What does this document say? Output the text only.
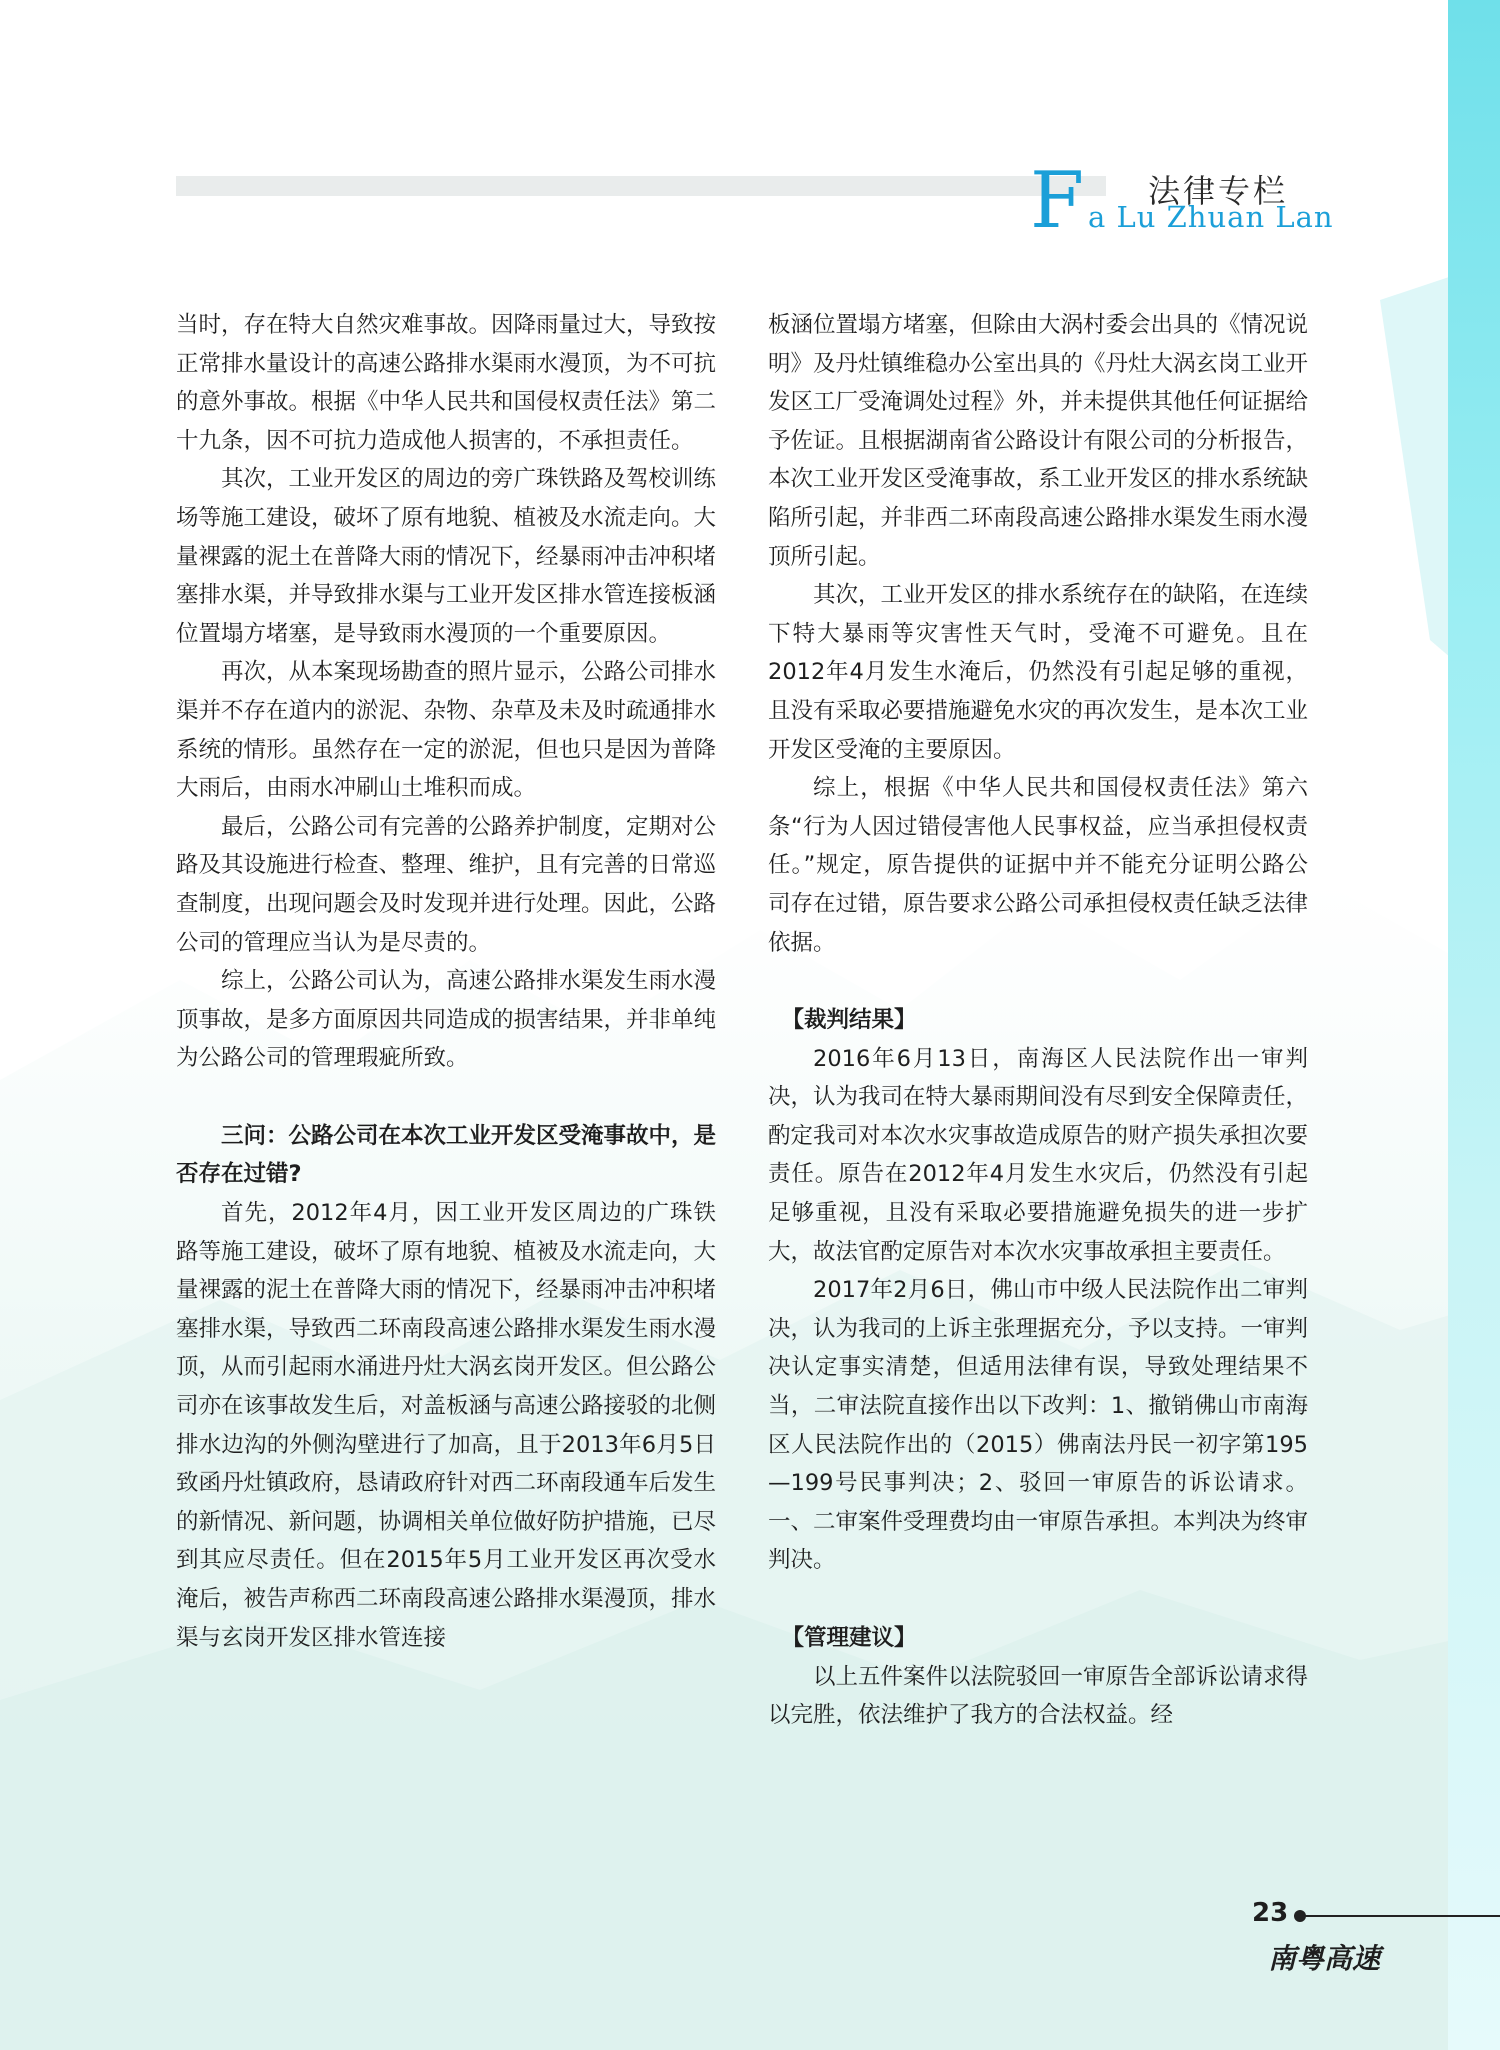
F 法律专栏
a Lu Zhuan Lan

当时，存在特大自然灾难事故。因降雨量过大，导致按正常排水量设计的高速公路排水渠雨水漫顶，为不可抗的意外事故。根据《中华人民共和国侵权责任法》第二十九条，因不可抗力造成他人损害的，不承担责任。

其次，工业开发区的周边的旁广珠铁路及驾校训练场等施工建设，破坏了原有地貌、植被及水流走向。大量裸露的泥土在普降大雨的情况下，经暴雨冲击冲积堵塞排水渠，并导致排水渠与工业开发区排水管连接板涵位置塌方堵塞，是导致雨水漫顶的一个重要原因。

再次，从本案现场勘查的照片显示，公路公司排水渠并不存在道内的淤泥、杂物、杂草及未及时疏通排水系统的情形。虽然存在一定的淤泥，但也只是因为普降大雨后，由雨水冲刷山土堆积而成。

最后，公路公司有完善的公路养护制度，定期对公路及其设施进行检查、整理、维护，且有完善的日常巡查制度，出现问题会及时发现并进行处理。因此，公路公司的管理应当认为是尽责的。

综上，公路公司认为，高速公路排水渠发生雨水漫顶事故，是多方面原因共同造成的损害结果，并非单纯为公路公司的管理瑕疵所致。

三问：公路公司在本次工业开发区受淹事故中，是否存在过错?

首先，2012年4月，因工业开发区周边的广珠铁路等施工建设，破坏了原有地貌、植被及水流走向，大量裸露的泥土在普降大雨的情况下，经暴雨冲击冲积堵塞排水渠，导致西二环南段高速公路排水渠发生雨水漫顶，从而引起雨水涌进丹灶大涡玄岗开发区。但公路公司亦在该事故发生后，对盖板涵与高速公路接驳的北侧排水边沟的外侧沟壁进行了加高，且于2013年6月5日致函丹灶镇政府，恳请政府针对西二环南段通车后发生的新情况、新问题，协调相关单位做好防护措施，已尽到其应尽责任。但在2015年5月工业开发区再次受水淹后，被告声称西二环南段高速公路排水渠漫顶，排水渠与玄岗开发区排水管连接

板涵位置塌方堵塞，但除由大涡村委会出具的《情况说明》及丹灶镇维稳办公室出具的《丹灶大涡玄岗工业开发区工厂受淹调处过程》外，并未提供其他任何证据给予佐证。且根据湖南省公路设计有限公司的分析报告，本次工业开发区受淹事故，系工业开发区的排水系统缺陷所引起，并非西二环南段高速公路排水渠发生雨水漫顶所引起。

其次，工业开发区的排水系统存在的缺陷，在连续下特大暴雨等灾害性天气时，受淹不可避免。且在2012年4月发生水淹后，仍然没有引起足够的重视，且没有采取必要措施避免水灾的再次发生，是本次工业开发区受淹的主要原因。

综上，根据《中华人民共和国侵权责任法》第六条“行为人因过错侵害他人民事权益，应当承担侵权责任。”规定，原告提供的证据中并不能充分证明公路公司存在过错，原告要求公路公司承担侵权责任缺乏法律依据。

【裁判结果】

2016年6月13日，南海区人民法院作出一审判决，认为我司在特大暴雨期间没有尽到安全保障责任，酌定我司对本次水灾事故造成原告的财产损失承担次要责任。原告在2012年4月发生水灾后，仍然没有引起足够重视，且没有采取必要措施避免损失的进一步扩大，故法官酌定原告对本次水灾事故承担主要责任。

2017年2月6日，佛山市中级人民法院作出二审判决，认为我司的上诉主张理据充分，予以支持。一审判决认定事实清楚，但适用法律有误，导致处理结果不当，二审法院直接作出以下改判：1、撤销佛山市南海区人民法院作出的（2015）佛南法丹民一初字第195—199号民事判决；2、驳回一审原告的诉讼请求。一、二审案件受理费均由一审原告承担。本判决为终审判决。

【管理建议】

以上五件案件以法院驳回一审原告全部诉讼请求得以完胜，依法维护了我方的合法权益。经

23
南粤高速
